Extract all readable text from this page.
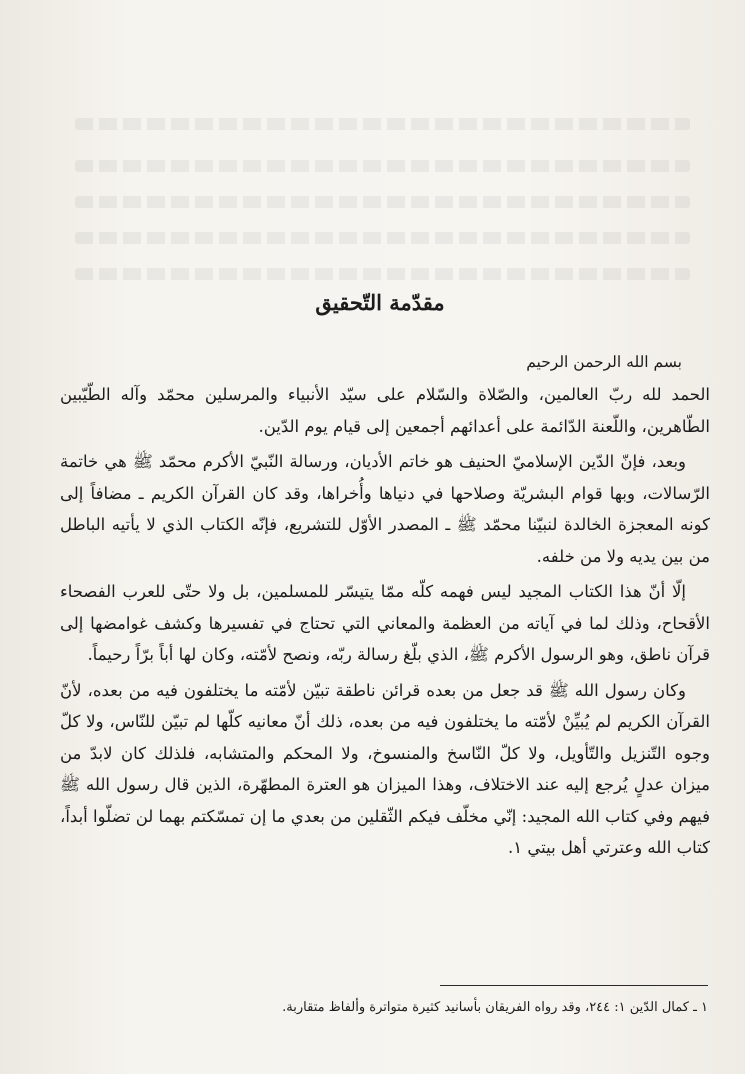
مقدّمة التّحقيق
بسم الله الرحمن الرحيم

الحمد لله ربّ العالمين، والصّلاة والسّلام على سيّد الأنبياء والمرسلين محمّد وآله الطّيّبين الطّاهرين، واللّعنة الدّائمة على أعدائهم أجمعين إلى قيام يوم الدّين.

وبعد، فإنّ الدّين الإسلاميّ الحنيف هو خاتم الأديان، ورسالة النّبيّ الأكرم محمّد ﷺ هي خاتمة الرّسالات، وبها قوام البشريّة وصلاحها في دنياها وأُخراها، وقد كان القرآن الكريم ـ مضافاً إلى كونه المعجزة الخالدة لنبيّنا محمّد ﷺ ـ المصدر الأوّل للتشريع، فإنّه الكتاب الذي لا يأتيه الباطل من بين يديه ولا من خلفه.

إلّا أنّ هذا الكتاب المجيد ليس فهمه كلّه ممّا يتيسّر للمسلمين، بل ولا حتّى للعرب الفصحاء الأقحاح، وذلك لما في آياته من العظمة والمعاني التي تحتاج في تفسيرها وكشف غوامضها إلى قرآن ناطق، وهو الرسول الأكرم ﷺ، الذي بلّغ رسالة ربّه، ونصح لأمّته، وكان لها أباً برّاً رحيماً.

وكان رسول الله ﷺ قد جعل من بعده قرائن ناطقة تبيّن لأمّته ما يختلفون فيه من بعده، لأنّ القرآن الكريم لم يُبيِّنْ لأمّته ما يختلفون فيه من بعده، ذلك أنّ معانيه كلّها لم تبيّن للنّاس، ولا كلّ وجوه التّنزيل والتّأويل، ولا كلّ النّاسخ والمنسوخ، ولا المحكم والمتشابه، فلذلك كان لابدّ من ميزان عدلٍ يُرجع إليه عند الاختلاف، وهذا الميزان هو العترة المطهّرة، الذين قال رسول الله ﷺ فيهم وفي كتاب الله المجيد: إنّي مخلّف فيكم الثّقلين من بعدي ما إن تمسّكتم بهما لن تضلّوا أبداً، كتاب الله وعترتي أهل بيتي ١.

١ ـ كمال الدّين ١: ٢٤٤، وقد رواه الفريقان بأسانيد كثيرة متواترة وألفاظ متقاربة.
